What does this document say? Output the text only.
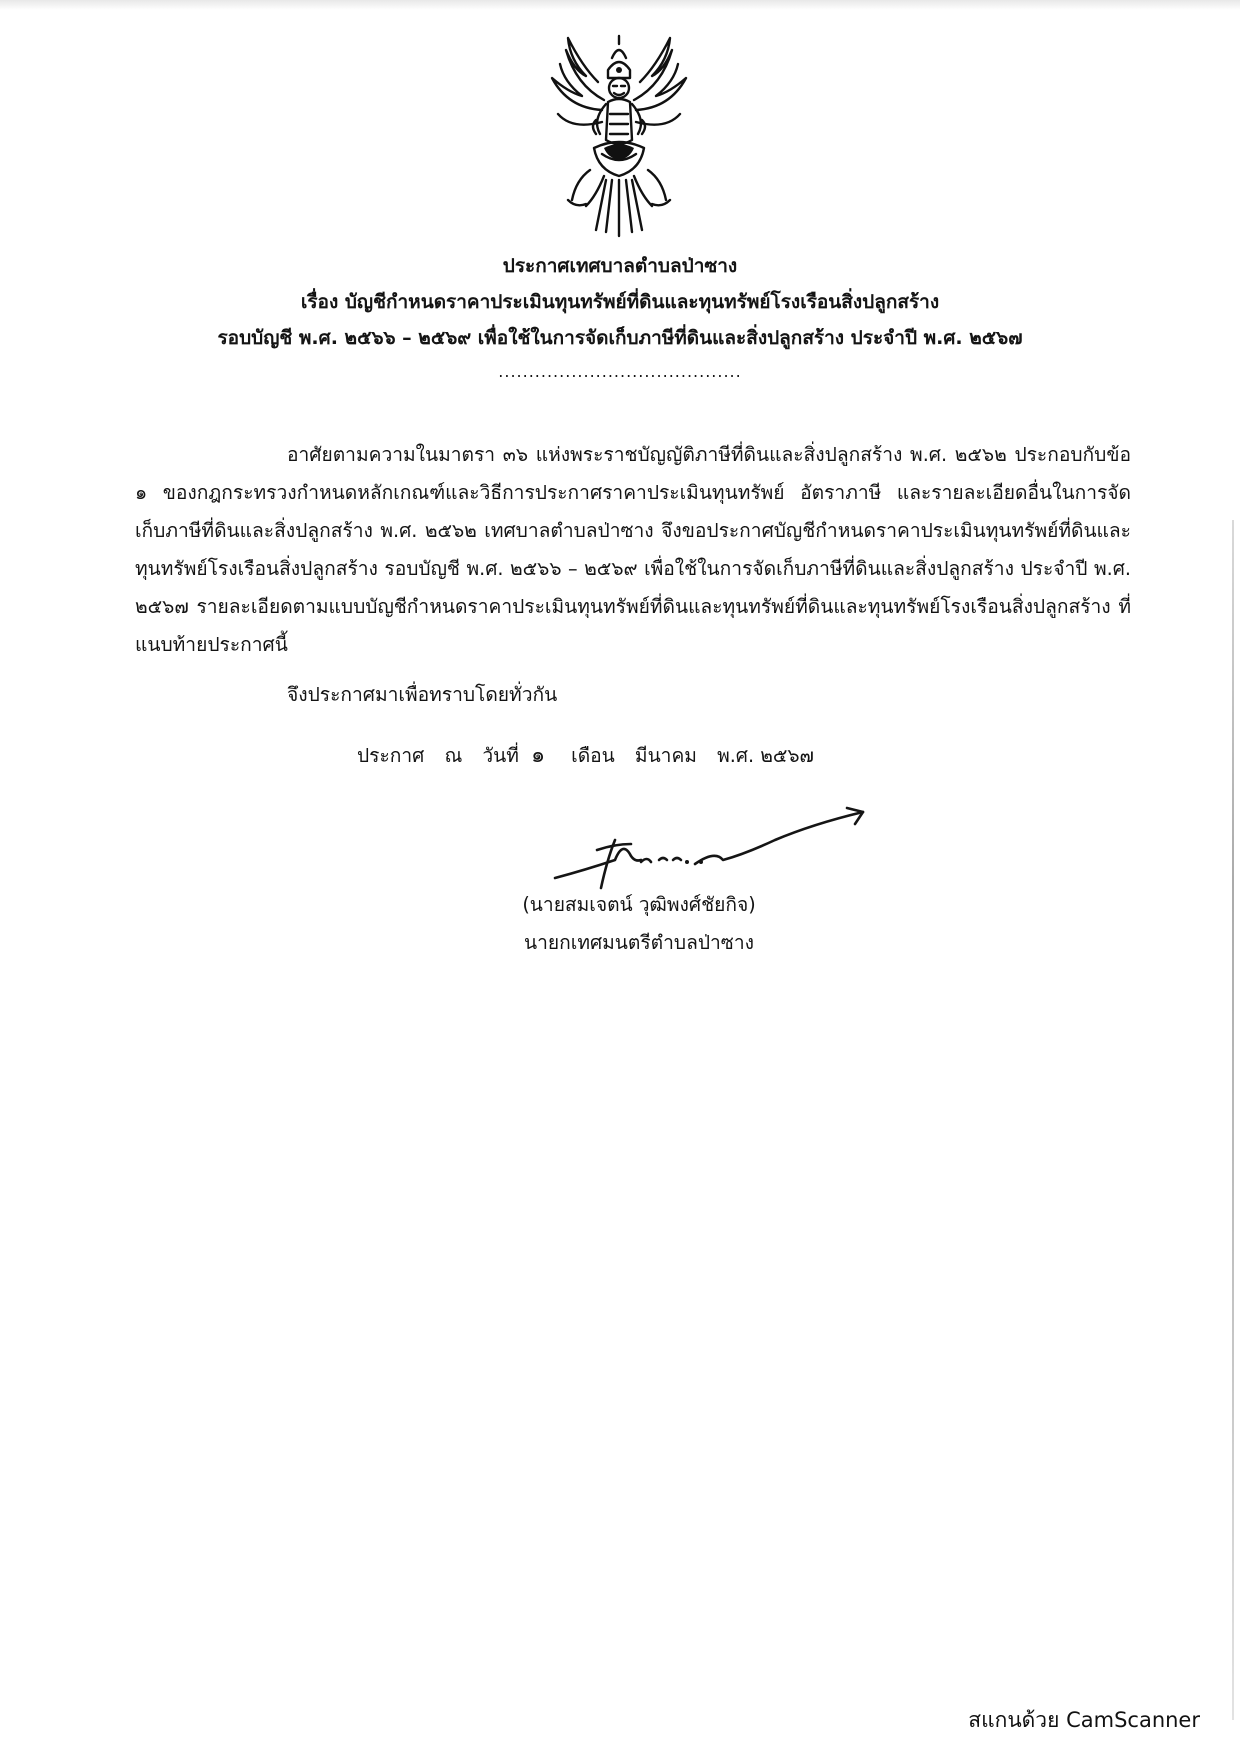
ประกาศเทศบาลตำบลป่าซาง
เรื่อง บัญชีกำหนดราคาประเมินทุนทรัพย์ที่ดินและทุนทรัพย์โรงเรือนสิ่งปลูกสร้าง
รอบบัญชี พ.ศ. ๒๕๖๖ – ๒๕๖๙ เพื่อใช้ในการจัดเก็บภาษีที่ดินและสิ่งปลูกสร้าง ประจำปี พ.ศ. ๒๕๖๗
........................................

อาศัยตามความในมาตรา ๓๖ แห่งพระราชบัญญัติภาษีที่ดินและสิ่งปลูกสร้าง พ.ศ. ๒๕๖๒ ประกอบกับข้อ ๑ ของกฎกระทรวงกำหนดหลักเกณฑ์และวิธีการประกาศราคาประเมินทุนทรัพย์ อัตราภาษี และรายละเอียดอื่นในการจัดเก็บภาษีที่ดินและสิ่งปลูกสร้าง พ.ศ. ๒๕๖๒ เทศบาลตำบลป่าซาง จึงขอประกาศบัญชีกำหนดราคาประเมินทุนทรัพย์ที่ดินและทุนทรัพย์โรงเรือนสิ่งปลูกสร้าง รอบบัญชี พ.ศ. ๒๕๖๖ – ๒๕๖๙ เพื่อใช้ในการจัดเก็บภาษีที่ดินและสิ่งปลูกสร้าง ประจำปี พ.ศ. ๒๕๖๗ รายละเอียดตามแบบบัญชีกำหนดราคาประเมินทุนทรัพย์ที่ดินและทุนทรัพย์ที่ดินและทุนทรัพย์โรงเรือนสิ่งปลูกสร้าง ที่แนบท้ายประกาศนี้

จึงประกาศมาเพื่อทราบโดยทั่วกัน
ประกาศ ณ วันที่ ๑ เดือน มีนาคม พ.ศ. ๒๕๖๗
(นายสมเจตน์ วุฒิพงศ์ชัยกิจ)
นายกเทศมนตรีตำบลป่าซาง
สแกนด้วย CamScanner
